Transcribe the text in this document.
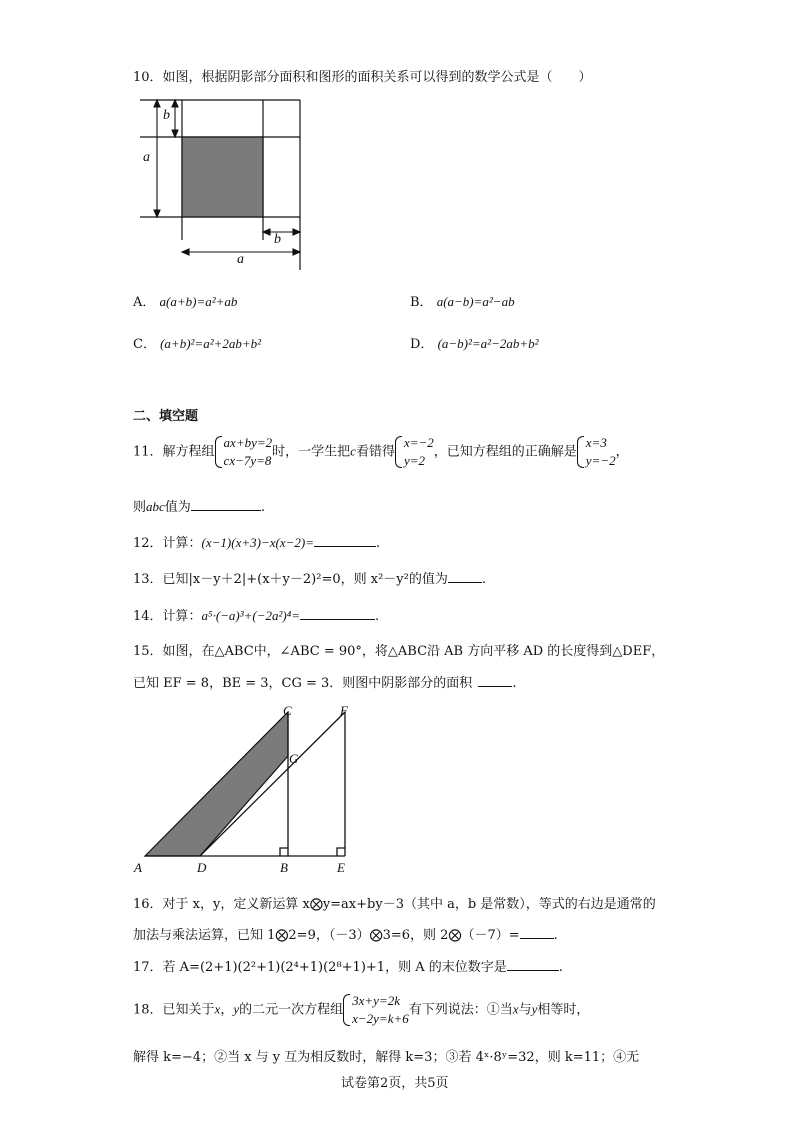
10．如图，根据阴影部分面积和图形的面积关系可以得到的数学公式是（　　）
b
a
b
a
A． a(a+b)=a²+ab	B． a(a−b)=a²−ab
C． (a+b)²=a²+2ab+b²	D． (a−b)²=a²−2ab+b²
二、填空题
11．解方程组ax+by=2
cx−7y=8时，一学生把c看错得x=−2
y=2，已知方程组的正确解是x=3
y=−2，
则abc值为	.
12．计算：(x−1)(x+3)−x(x−2)=	.
13．已知|x－y＋2|+(x＋y－2)²=0，则 x²－y²的值为	.
14．计算：a⁵·(−a)³+(−2a²)⁴=	.
15．如图，在△ABC中，∠ABC = 90°，将△ABC沿 AB 方向平移 AD 的长度得到△DEF，
已知 EF = 8，BE = 3，CG = 3．则图中阴影部分的面积	.
C	F
G
A	D	B	E
16．对于 x，y，定义新运算 x⨂y=ax+by－3（其中 a，b 是常数），等式的右边是通常的
加法与乘法运算，已知 1⨂2=9，（－3）⨂3=6，则 2⨂（－7）=	.
17．若 A=(2+1)(2²+1)(2⁴+1)(2⁸+1)+1，则 A 的末位数字是	.
18．已知关于x，y的二元一次方程组3x+y=2k
x−2y=k+6有下列说法：①当x与y相等时，
解得 k=−4；②当 x 与 y 互为相反数时，解得 k=3；③若 4ˣ·8ʸ=32，则 k=11；④无
试卷第2页，共5页
